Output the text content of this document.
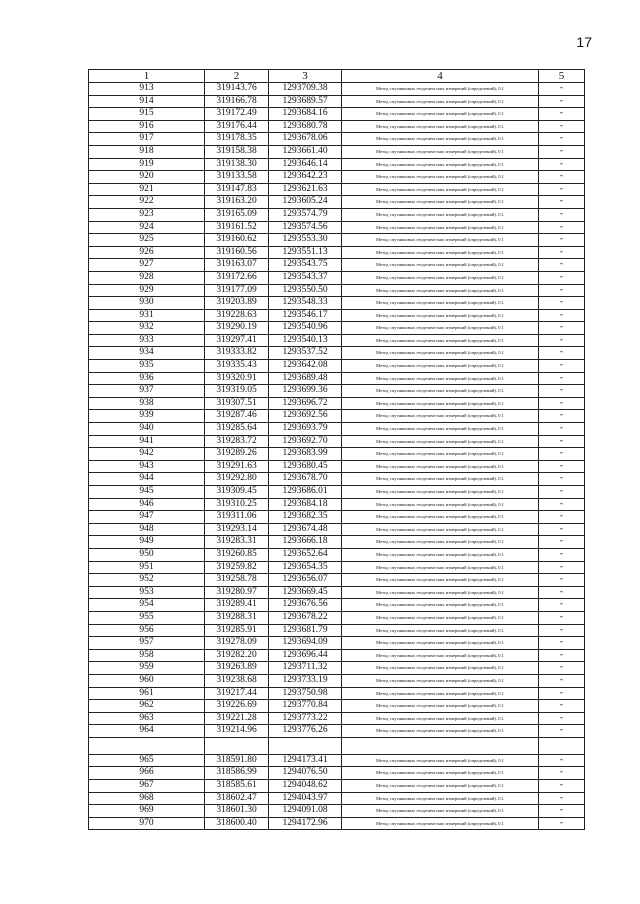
17
1	2	3	4	5
913	319143.76	1293709.38	Метод спутниковых геодезических измерений (определений), 0.1	-
914	319166.78	1293689.57	Метод спутниковых геодезических измерений (определений), 0.1	-
915	319172.49	1293684.16	Метод спутниковых геодезических измерений (определений), 0.1	-
916	319176.44	1293680.78	Метод спутниковых геодезических измерений (определений), 0.1	-
917	319178.35	1293678.06	Метод спутниковых геодезических измерений (определений), 0.1	-
918	319158.38	1293661.40	Метод спутниковых геодезических измерений (определений), 0.1	-
919	319138.30	1293646.14	Метод спутниковых геодезических измерений (определений), 0.1	-
920	319133.58	1293642.23	Метод спутниковых геодезических измерений (определений), 0.1	-
921	319147.83	1293621.63	Метод спутниковых геодезических измерений (определений), 0.1	-
922	319163.20	1293605.24	Метод спутниковых геодезических измерений (определений), 0.1	-
923	319165.09	1293574.79	Метод спутниковых геодезических измерений (определений), 0.1	-
924	319161.52	1293574.56	Метод спутниковых геодезических измерений (определений), 0.1	-
925	319160.62	1293553.30	Метод спутниковых геодезических измерений (определений), 0.1	-
926	319160.56	1293551.13	Метод спутниковых геодезических измерений (определений), 0.1	-
927	319163.07	1293543.75	Метод спутниковых геодезических измерений (определений), 0.1	-
928	319172.66	1293543.37	Метод спутниковых геодезических измерений (определений), 0.1	-
929	319177.09	1293550.50	Метод спутниковых геодезических измерений (определений), 0.1	-
930	319203.89	1293548.33	Метод спутниковых геодезических измерений (определений), 0.1	-
931	319228.63	1293546.17	Метод спутниковых геодезических измерений (определений), 0.1	-
932	319290.19	1293540.96	Метод спутниковых геодезических измерений (определений), 0.1	-
933	319297.41	1293540.13	Метод спутниковых геодезических измерений (определений), 0.1	-
934	319333.82	1293537.52	Метод спутниковых геодезических измерений (определений), 0.1	-
935	319335.43	1293642.08	Метод спутниковых геодезических измерений (определений), 0.1	-
936	319320.91	1293689.48	Метод спутниковых геодезических измерений (определений), 0.1	-
937	319319.05	1293699.36	Метод спутниковых геодезических измерений (определений), 0.1	-
938	319307.51	1293696.72	Метод спутниковых геодезических измерений (определений), 0.1	-
939	319287.46	1293692.56	Метод спутниковых геодезических измерений (определений), 0.1	-
940	319285.64	1293693.79	Метод спутниковых геодезических измерений (определений), 0.1	-
941	319283.72	1293692.70	Метод спутниковых геодезических измерений (определений), 0.1	-
942	319289.26	1293683.99	Метод спутниковых геодезических измерений (определений), 0.1	-
943	319291.63	1293680.45	Метод спутниковых геодезических измерений (определений), 0.1	-
944	319292.80	1293678.70	Метод спутниковых геодезических измерений (определений), 0.1	-
945	319309.45	1293686.01	Метод спутниковых геодезических измерений (определений), 0.1	-
946	319310.25	1293684.18	Метод спутниковых геодезических измерений (определений), 0.1	-
947	319311.06	1293682.35	Метод спутниковых геодезических измерений (определений), 0.1	-
948	319293.14	1293674.48	Метод спутниковых геодезических измерений (определений), 0.1	-
949	319283.31	1293666.18	Метод спутниковых геодезических измерений (определений), 0.1	-
950	319260.85	1293652.64	Метод спутниковых геодезических измерений (определений), 0.1	-
951	319259.82	1293654.35	Метод спутниковых геодезических измерений (определений), 0.1	-
952	319258.78	1293656.07	Метод спутниковых геодезических измерений (определений), 0.1	-
953	319280.97	1293669.45	Метод спутниковых геодезических измерений (определений), 0.1	-
954	319289.41	1293676.56	Метод спутниковых геодезических измерений (определений), 0.1	-
955	319288.31	1293678.22	Метод спутниковых геодезических измерений (определений), 0.1	-
956	319285.91	1293681.79	Метод спутниковых геодезических измерений (определений), 0.1	-
957	319278.09	1293694.09	Метод спутниковых геодезических измерений (определений), 0.1	-
958	319282.20	1293696.44	Метод спутниковых геодезических измерений (определений), 0.1	-
959	319263.89	1293711.32	Метод спутниковых геодезических измерений (определений), 0.1	-
960	319238.68	1293733.19	Метод спутниковых геодезических измерений (определений), 0.1	-
961	319217.44	1293750.98	Метод спутниковых геодезических измерений (определений), 0.1	-
962	319226.69	1293770.84	Метод спутниковых геодезических измерений (определений), 0.1	-
963	319221.28	1293773.22	Метод спутниковых геодезических измерений (определений), 0.1	-
964	319214.96	1293776.26	Метод спутниковых геодезических измерений (определений), 0.1	-

965	318591.80	1294173.41	Метод спутниковых геодезических измерений (определений), 0.1	-
966	318586.99	1294076.50	Метод спутниковых геодезических измерений (определений), 0.1	-
967	318585.61	1294048.62	Метод спутниковых геодезических измерений (определений), 0.1	-
968	318602.47	1294043.97	Метод спутниковых геодезических измерений (определений), 0.1	-
969	318601.30	1294091.08	Метод спутниковых геодезических измерений (определений), 0.1	-
970	318600.40	1294172.96	Метод спутниковых геодезических измерений (определений), 0.1	-
